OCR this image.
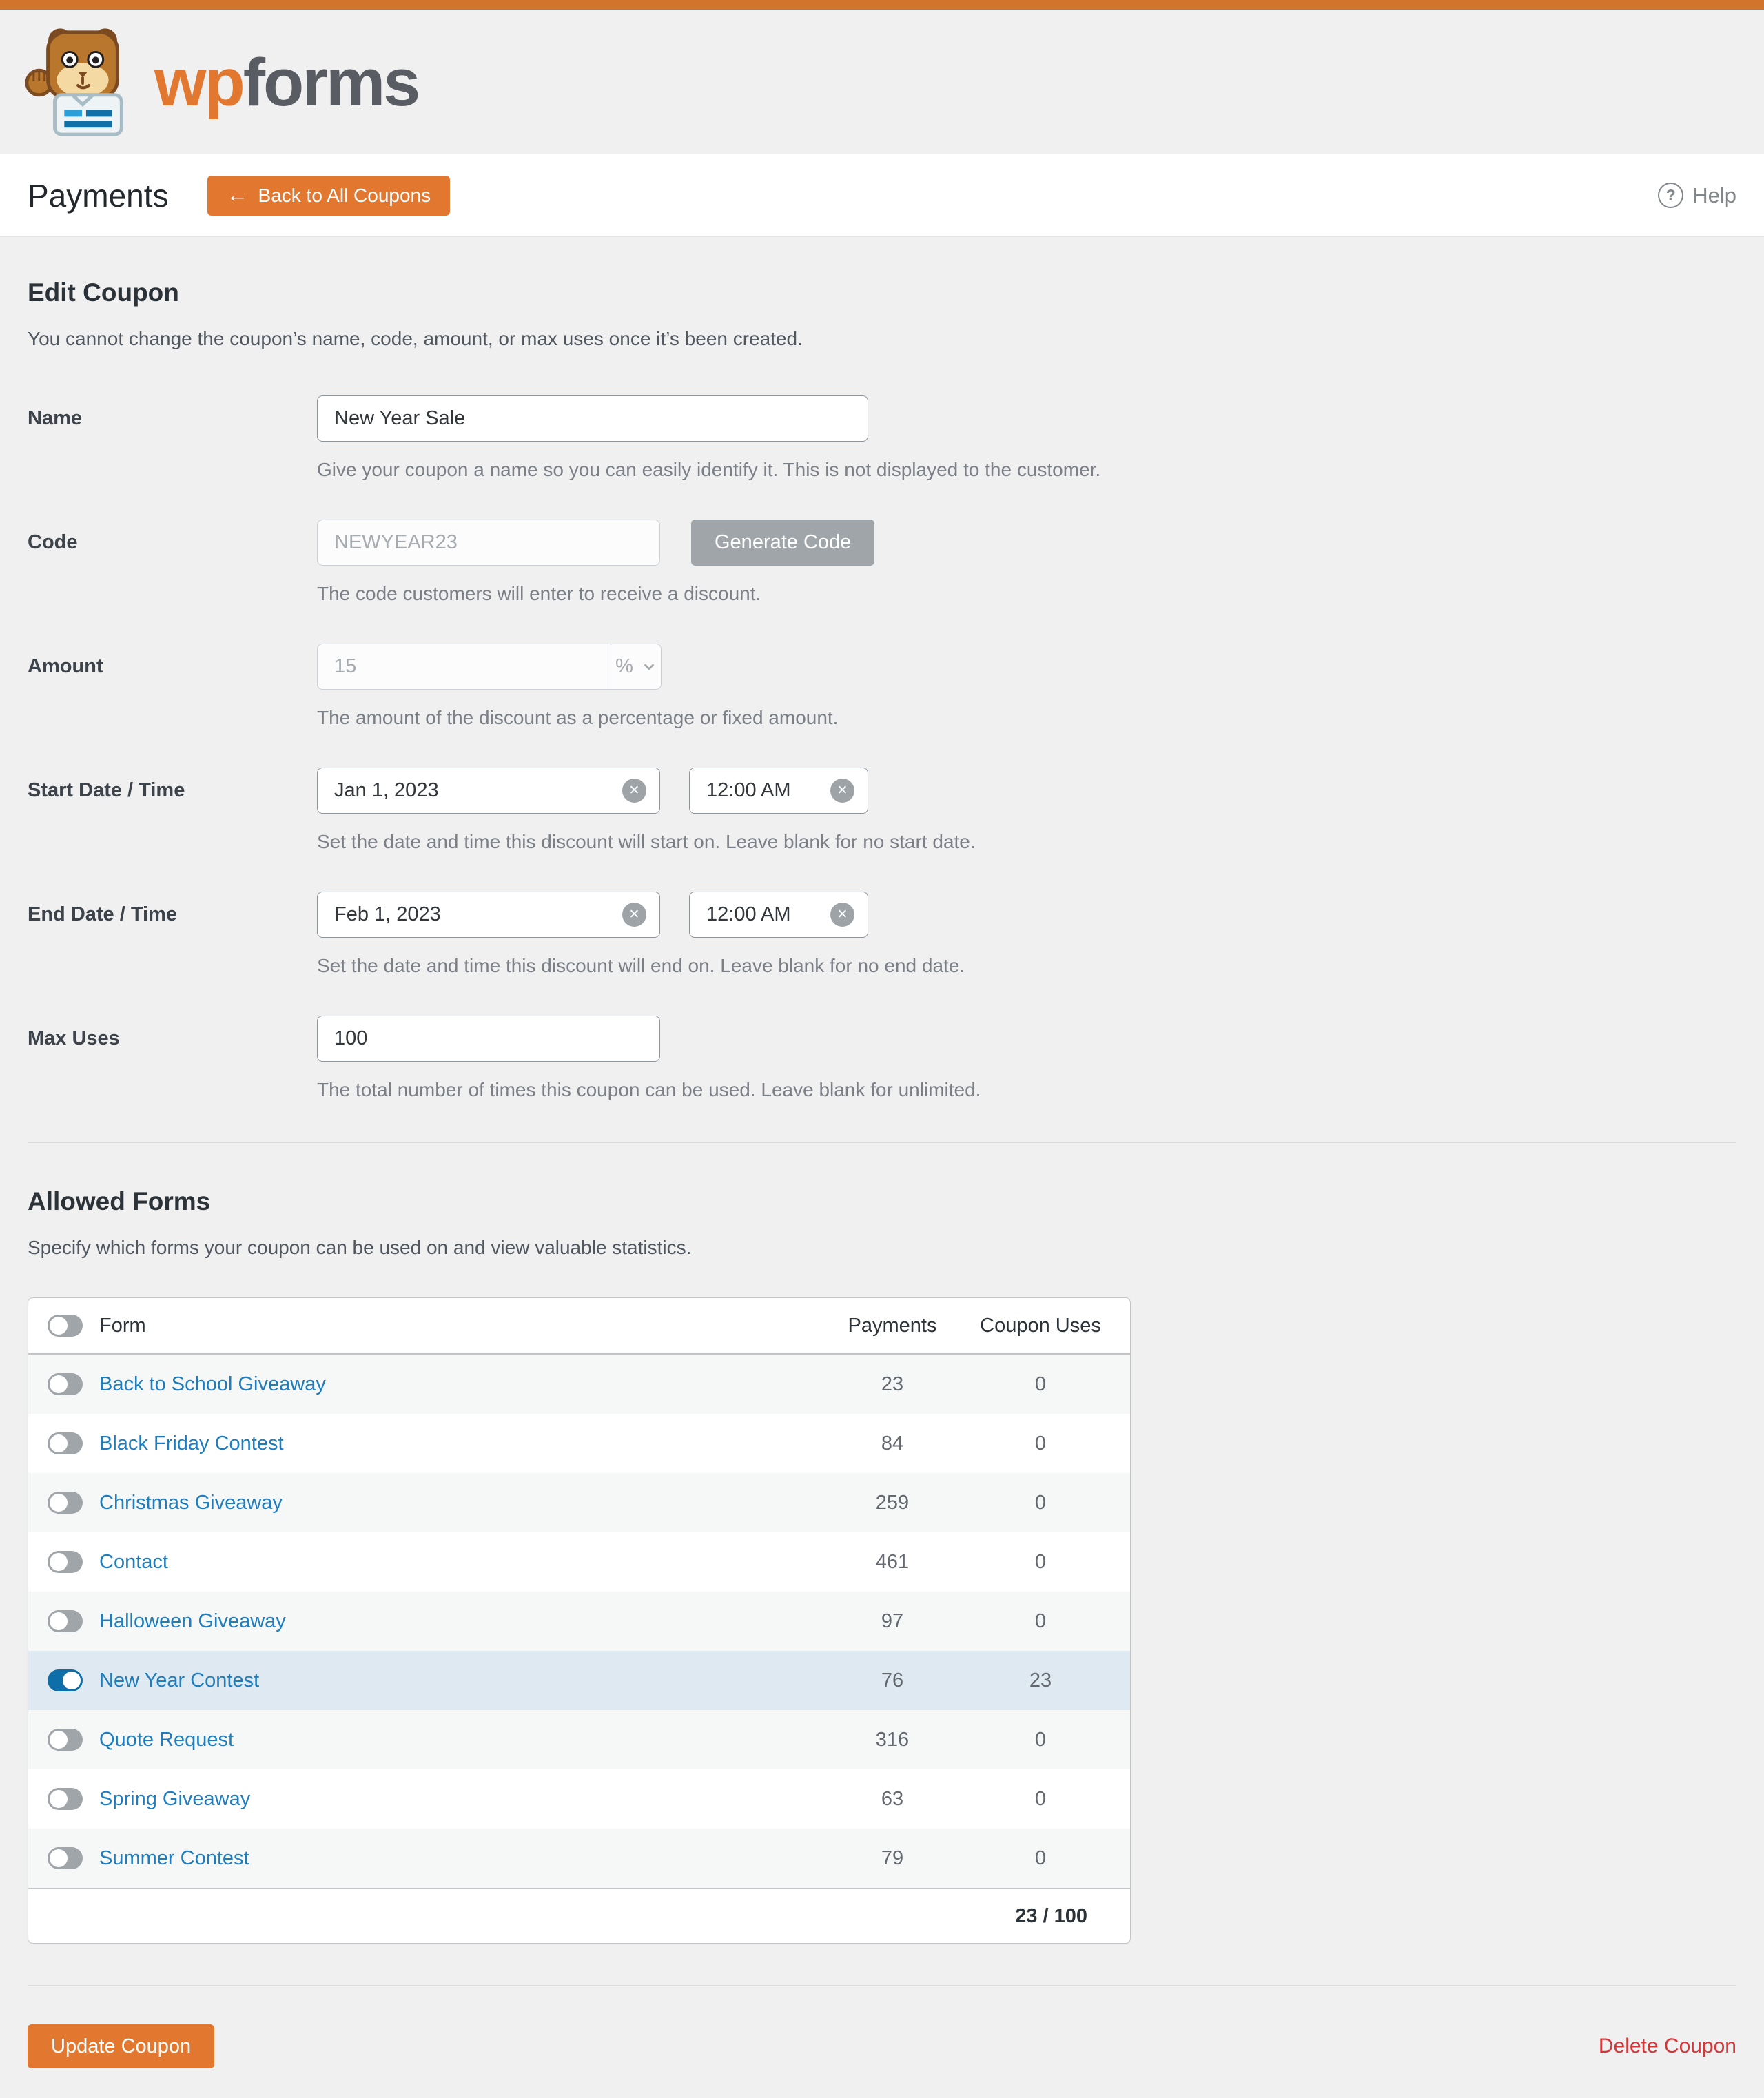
wpforms
Payments	← Back to All Coupons	? Help
Edit Coupon

You cannot change the coupon’s name, code, amount, or max uses once it’s been created.

Name
New Year Sale
Give your coupon a name so you can easily identify it. This is not displayed to the customer.
Code
NEWYEAR23	Generate Code
The code customers will enter to receive a discount.
Amount
15	%
The amount of the discount as a percentage or fixed amount.
Start Date / Time
Jan 1, 2023	✕
12:00 AM	✕
Set the date and time this discount will start on. Leave blank for no start date.
End Date / Time
Feb 1, 2023	✕
12:00 AM	✕
Set the date and time this discount will end on. Leave blank for no end date.
Max Uses
100
The total number of times this coupon can be used. Leave blank for unlimited.
Allowed Forms

Specify which forms your coupon can be used on and view valuable statistics.

Form	Payments	Coupon Uses
Back to School Giveaway	23	0
Black Friday Contest	84	0
Christmas Giveaway	259	0
Contact	461	0
Halloween Giveaway	97	0
New Year Contest	76	23
Quote Request	316	0
Spring Giveaway	63	0
Summer Contest	79	0
23 / 100
Update Coupon	Delete Coupon
